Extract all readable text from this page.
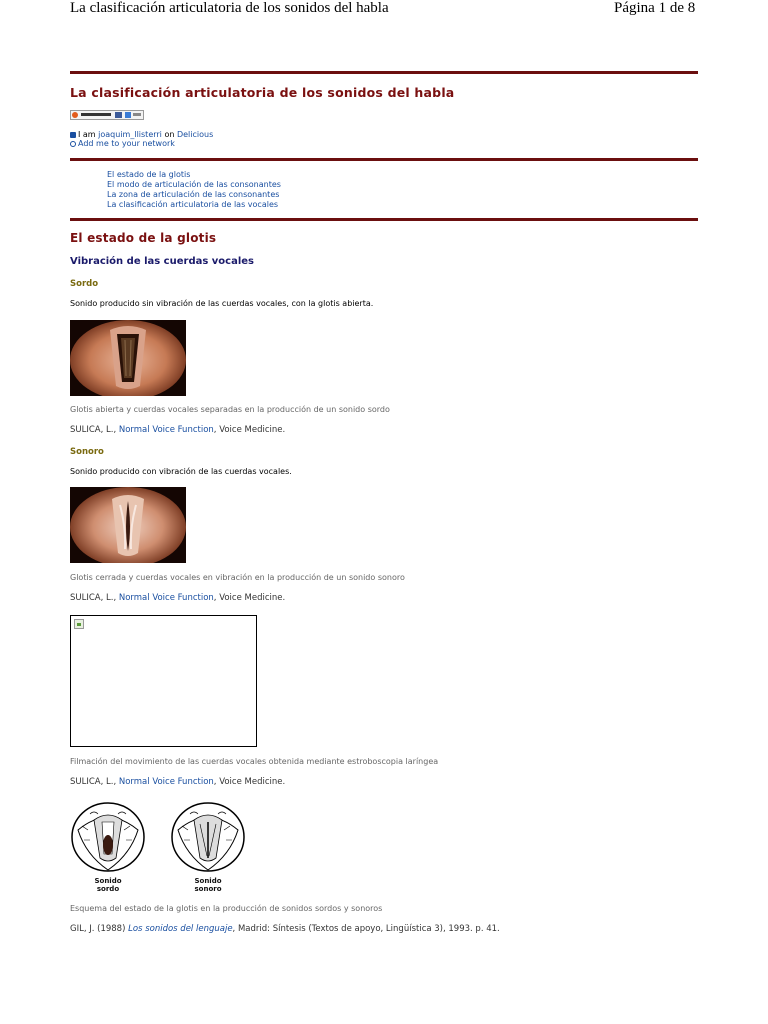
La clasificación articulatoria de los sonidos del habla	Página 1 de 8
La clasificación articulatoria de los sonidos del habla
I am joaquim_llisterri on Delicious
Add me to your network
El estado de la glotis
El modo de articulación de las consonantes
La zona de articulación de las consonantes
La clasificación articulatoria de las vocales
El estado de la glotis
Vibración de las cuerdas vocales
Sordo
Sonido producido sin vibración de las cuerdas vocales, con la glotis abierta.
Glotis abierta y cuerdas vocales separadas en la producción de un sonido sordo
SULICA, L., Normal Voice Function, Voice Medicine.
Sonoro
Sonido producido con vibración de las cuerdas vocales.
Glotis cerrada y cuerdas vocales en vibración en la producción de un sonido sonoro
SULICA, L., Normal Voice Function, Voice Medicine.
Filmación del movimiento de las cuerdas vocales obtenida mediante estroboscopia laríngea
SULICA, L., Normal Voice Function, Voice Medicine.
Sonido
sordo
Sonido
sonoro
Esquema del estado de la glotis en la producción de sonidos sordos y sonoros
GIL, J. (1988) Los sonidos del lenguaje, Madrid: Síntesis (Textos de apoyo, Lingüística 3), 1993. p. 41.
